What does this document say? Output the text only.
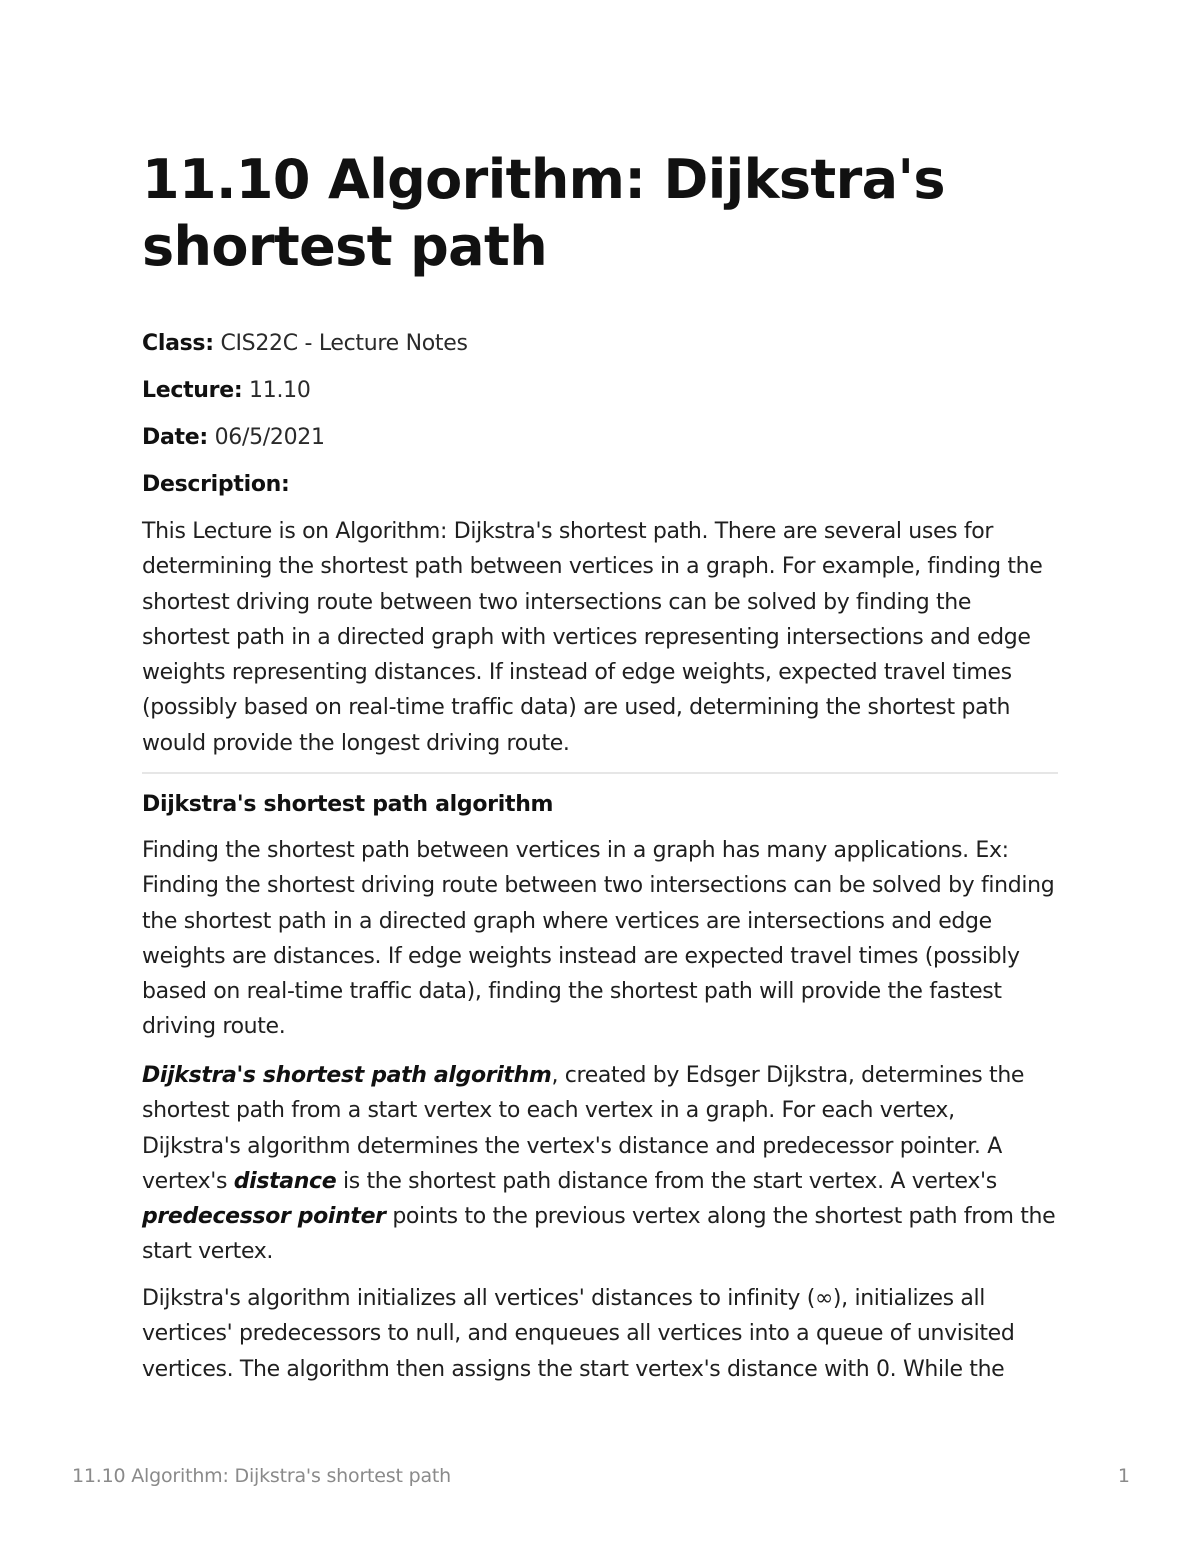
11.10 Algorithm: Dijkstra's shortest path

Class: CIS22C - Lecture Notes

Lecture: 11.10

Date: 06/5/2021

Description:

This Lecture is on Algorithm: Dijkstra's shortest path. There are several uses for determining the shortest path between vertices in a graph. For example, finding the shortest driving route between two intersections can be solved by finding the shortest path in a directed graph with vertices representing intersections and edge weights representing distances. If instead of edge weights, expected travel times (possibly based on real-time traffic data) are used, determining the shortest path would provide the longest driving route.

Dijkstra's shortest path algorithm

Finding the shortest path between vertices in a graph has many applications. Ex: Finding the shortest driving route between two intersections can be solved by finding the shortest path in a directed graph where vertices are intersections and edge weights are distances. If edge weights instead are expected travel times (possibly based on real-time traffic data), finding the shortest path will provide the fastest driving route.

Dijkstra's shortest path algorithm, created by Edsger Dijkstra, determines the shortest path from a start vertex to each vertex in a graph. For each vertex, Dijkstra's algorithm determines the vertex's distance and predecessor pointer. A vertex's distance is the shortest path distance from the start vertex. A vertex's predecessor pointer points to the previous vertex along the shortest path from the start vertex.

Dijkstra's algorithm initializes all vertices' distances to infinity (∞), initializes all vertices' predecessors to null, and enqueues all vertices into a queue of unvisited vertices. The algorithm then assigns the start vertex's distance with 0. While the

11.10 Algorithm: Dijkstra's shortest path	1
